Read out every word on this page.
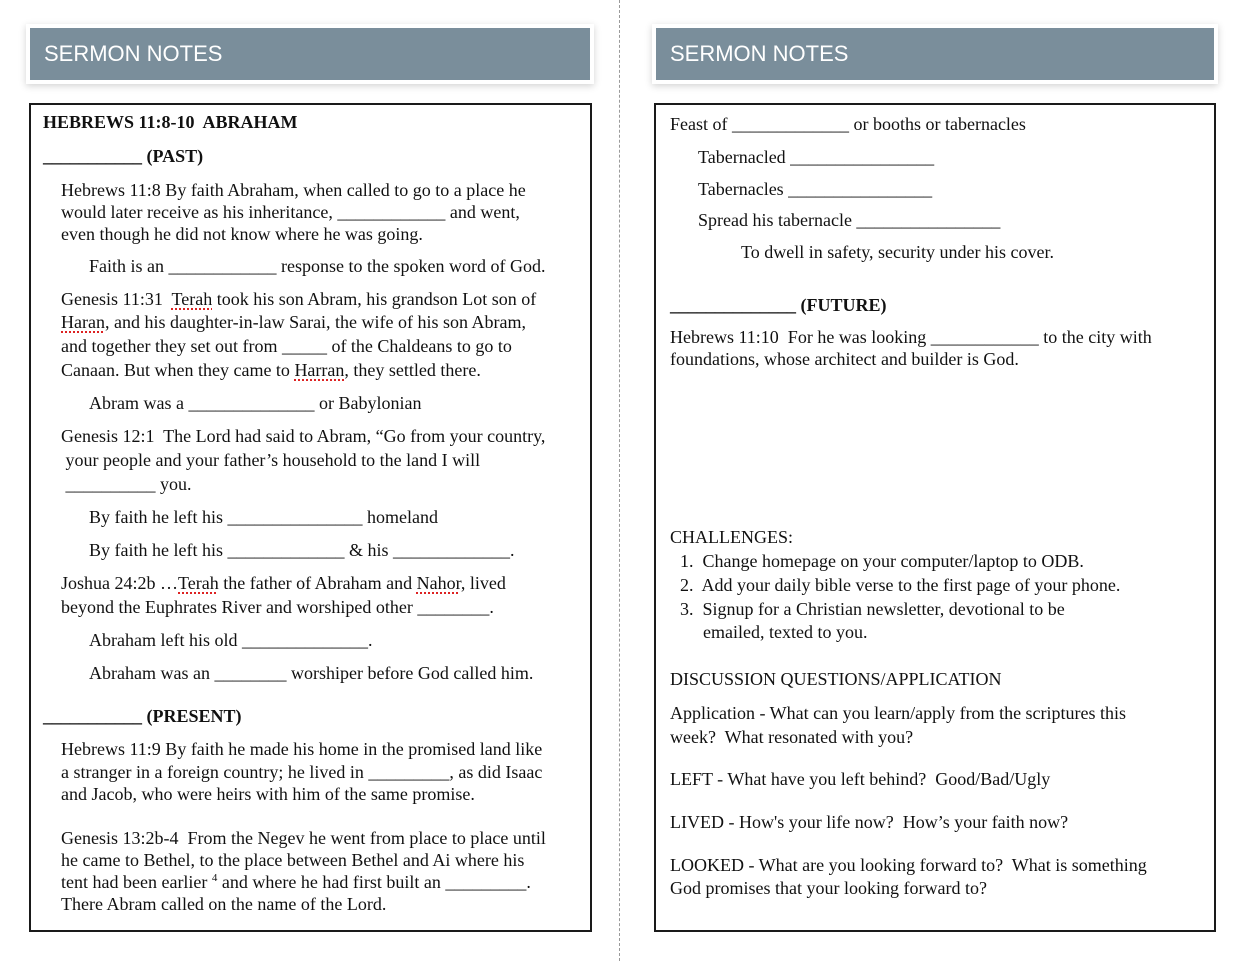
SERMON NOTES	SERMON NOTES
HEBREWS 11:8-10  ABRAHAM
___________ (PAST)
Hebrews 11:8 By faith Abraham, when called to go to a place he
would later receive as his inheritance, ____________ and went,
even though he did not know where he was going.
Faith is an ____________ response to the spoken word of God.
Genesis 11:31  Terah took his son Abram, his grandson Lot son of
Haran, and his daughter-in-law Sarai, the wife of his son Abram,
and together they set out from _____ of the Chaldeans to go to
Canaan. But when they came to Harran, they settled there.
Abram was a ______________ or Babylonian
Genesis 12:1  The Lord had said to Abram, “Go from your country,
your people and your father’s household to the land I will
__________ you.
By faith he left his _______________ homeland
By faith he left his _____________ & his _____________.
Joshua 24:2b …Terah the father of Abraham and Nahor, lived
beyond the Euphrates River and worshiped other ________.
Abraham left his old ______________.
Abraham was an ________ worshiper before God called him.
___________ (PRESENT)
Hebrews 11:9 By faith he made his home in the promised land like
a stranger in a foreign country; he lived in _________, as did Isaac
and Jacob, who were heirs with him of the same promise.
Genesis 13:2b-4  From the Negev he went from place to place until
he came to Bethel, to the place between Bethel and Ai where his
tent had been earlier $^4$ and where he had first built an _________.
There Abram called on the name of the Lord.
Feast of _____________ or booths or tabernacles
Tabernacled ________________
Tabernacles ________________
Spread his tabernacle ________________
To dwell in safety, security under his cover.
______________ (FUTURE)
Hebrews 11:10  For he was looking ____________ to the city with
foundations, whose architect and builder is God.
CHALLENGES:
1.  Change homepage on your computer/laptop to ODB.
2.  Add your daily bible verse to the first page of your phone.
3.  Signup for a Christian newsletter, devotional to be
emailed, texted to you.
DISCUSSION QUESTIONS/APPLICATION
Application - What can you learn/apply from the scriptures this
week?  What resonated with you?
LEFT - What have you left behind?  Good/Bad/Ugly
LIVED - How's your life now?  How’s your faith now?
LOOKED - What are you looking forward to?  What is something
God promises that your looking forward to?
